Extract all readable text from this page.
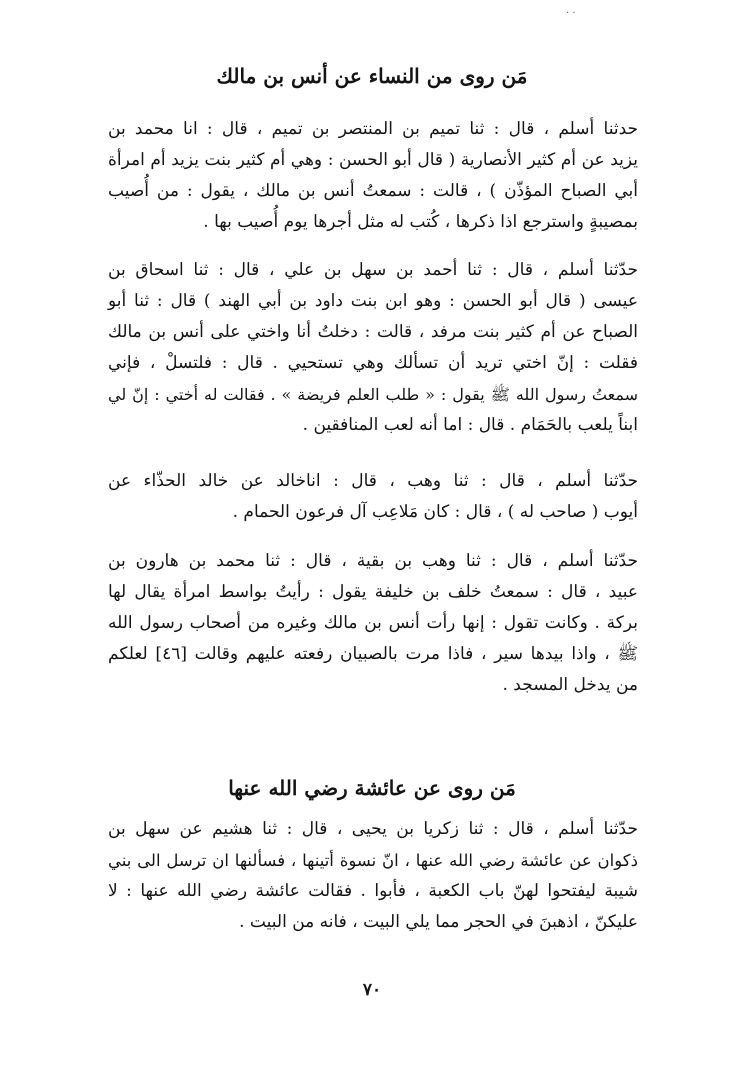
· ·
مَن روى من النساء عن أنس بن مالك
حدثنا أسلم ، قال : ثنا تميم بن المنتصر بن تميم ، قال : انا محمد بن
يزيد عن أم كثير الأنصارية ( قال أبو الحسن : وهي أم كثير بنت يزيد أم امرأة
أبي الصباح المؤذّن ) ، قالت : سمعتُ أنس بن مالك ، يقول : من أُصيب
بمصيبةٍ واسترجع اذا ذكرها ، كُتب له مثل أجرها يوم أُصيب بها .
حدّثنا أسلم ، قال : ثنا أحمد بن سهل بن علي ، قال : ثنا اسحاق بن
عيسى ( قال أبو الحسن : وهو ابن بنت داود بن أبي الهند ) قال : ثنا أبو
الصباح عن أم كثير بنت مرفد ، قالت : دخلتُ أنا واختي على أنس بن مالك
فقلت : إنّ اختي تريد أن تسألك وهي تستحيي . قال : فلتسلْ ، فإني
سمعتُ رسول الله ﷺ يقول : « طلب العلم فريضة » . فقالت له أختي : إنّ لي
ابناً يلعب بالحَمَام . قال : اما أنه لعب المنافقين .
حدّثنا أسلم ، قال : ثنا وهب ، قال : اناخالد عن خالد الحذّاء عن
أيوب ( صاحب له ) ، قال : كان مَلاعِب آل فرعون الحمام .
حدّثنا أسلم ، قال : ثنا وهب بن بقية ، قال : ثنا محمد بن هارون بن
عبيد ، قال : سمعتُ خلف بن خليفة يقول : رأيتُ بواسط امرأة يقال لها
بركة . وكانت تقول : إنها رأت أنس بن مالك وغيره من أصحاب رسول الله
ﷺ ، واذا بيدها سير ، فاذا مرت بالصبيان رفعته عليهم وقالت [٤٦] لعلكم
من يدخل المسجد .
مَن روى عن عائشة رضي الله عنها
حدّثنا أسلم ، قال : ثنا زكريا بن يحيى ، قال : ثنا هشيم عن سهل بن
ذكوان عن عائشة رضي الله عنها ، انّ نسوة أتينها ، فسألنها ان ترسل الى بني
شيبة ليفتحوا لهنّ باب الكعبة ، فأبوا . فقالت عائشة رضي الله عنها : لا
عليكنّ ، اذهبنَ في الحجر مما يلي البيت ، فانه من البيت .
٧٠
